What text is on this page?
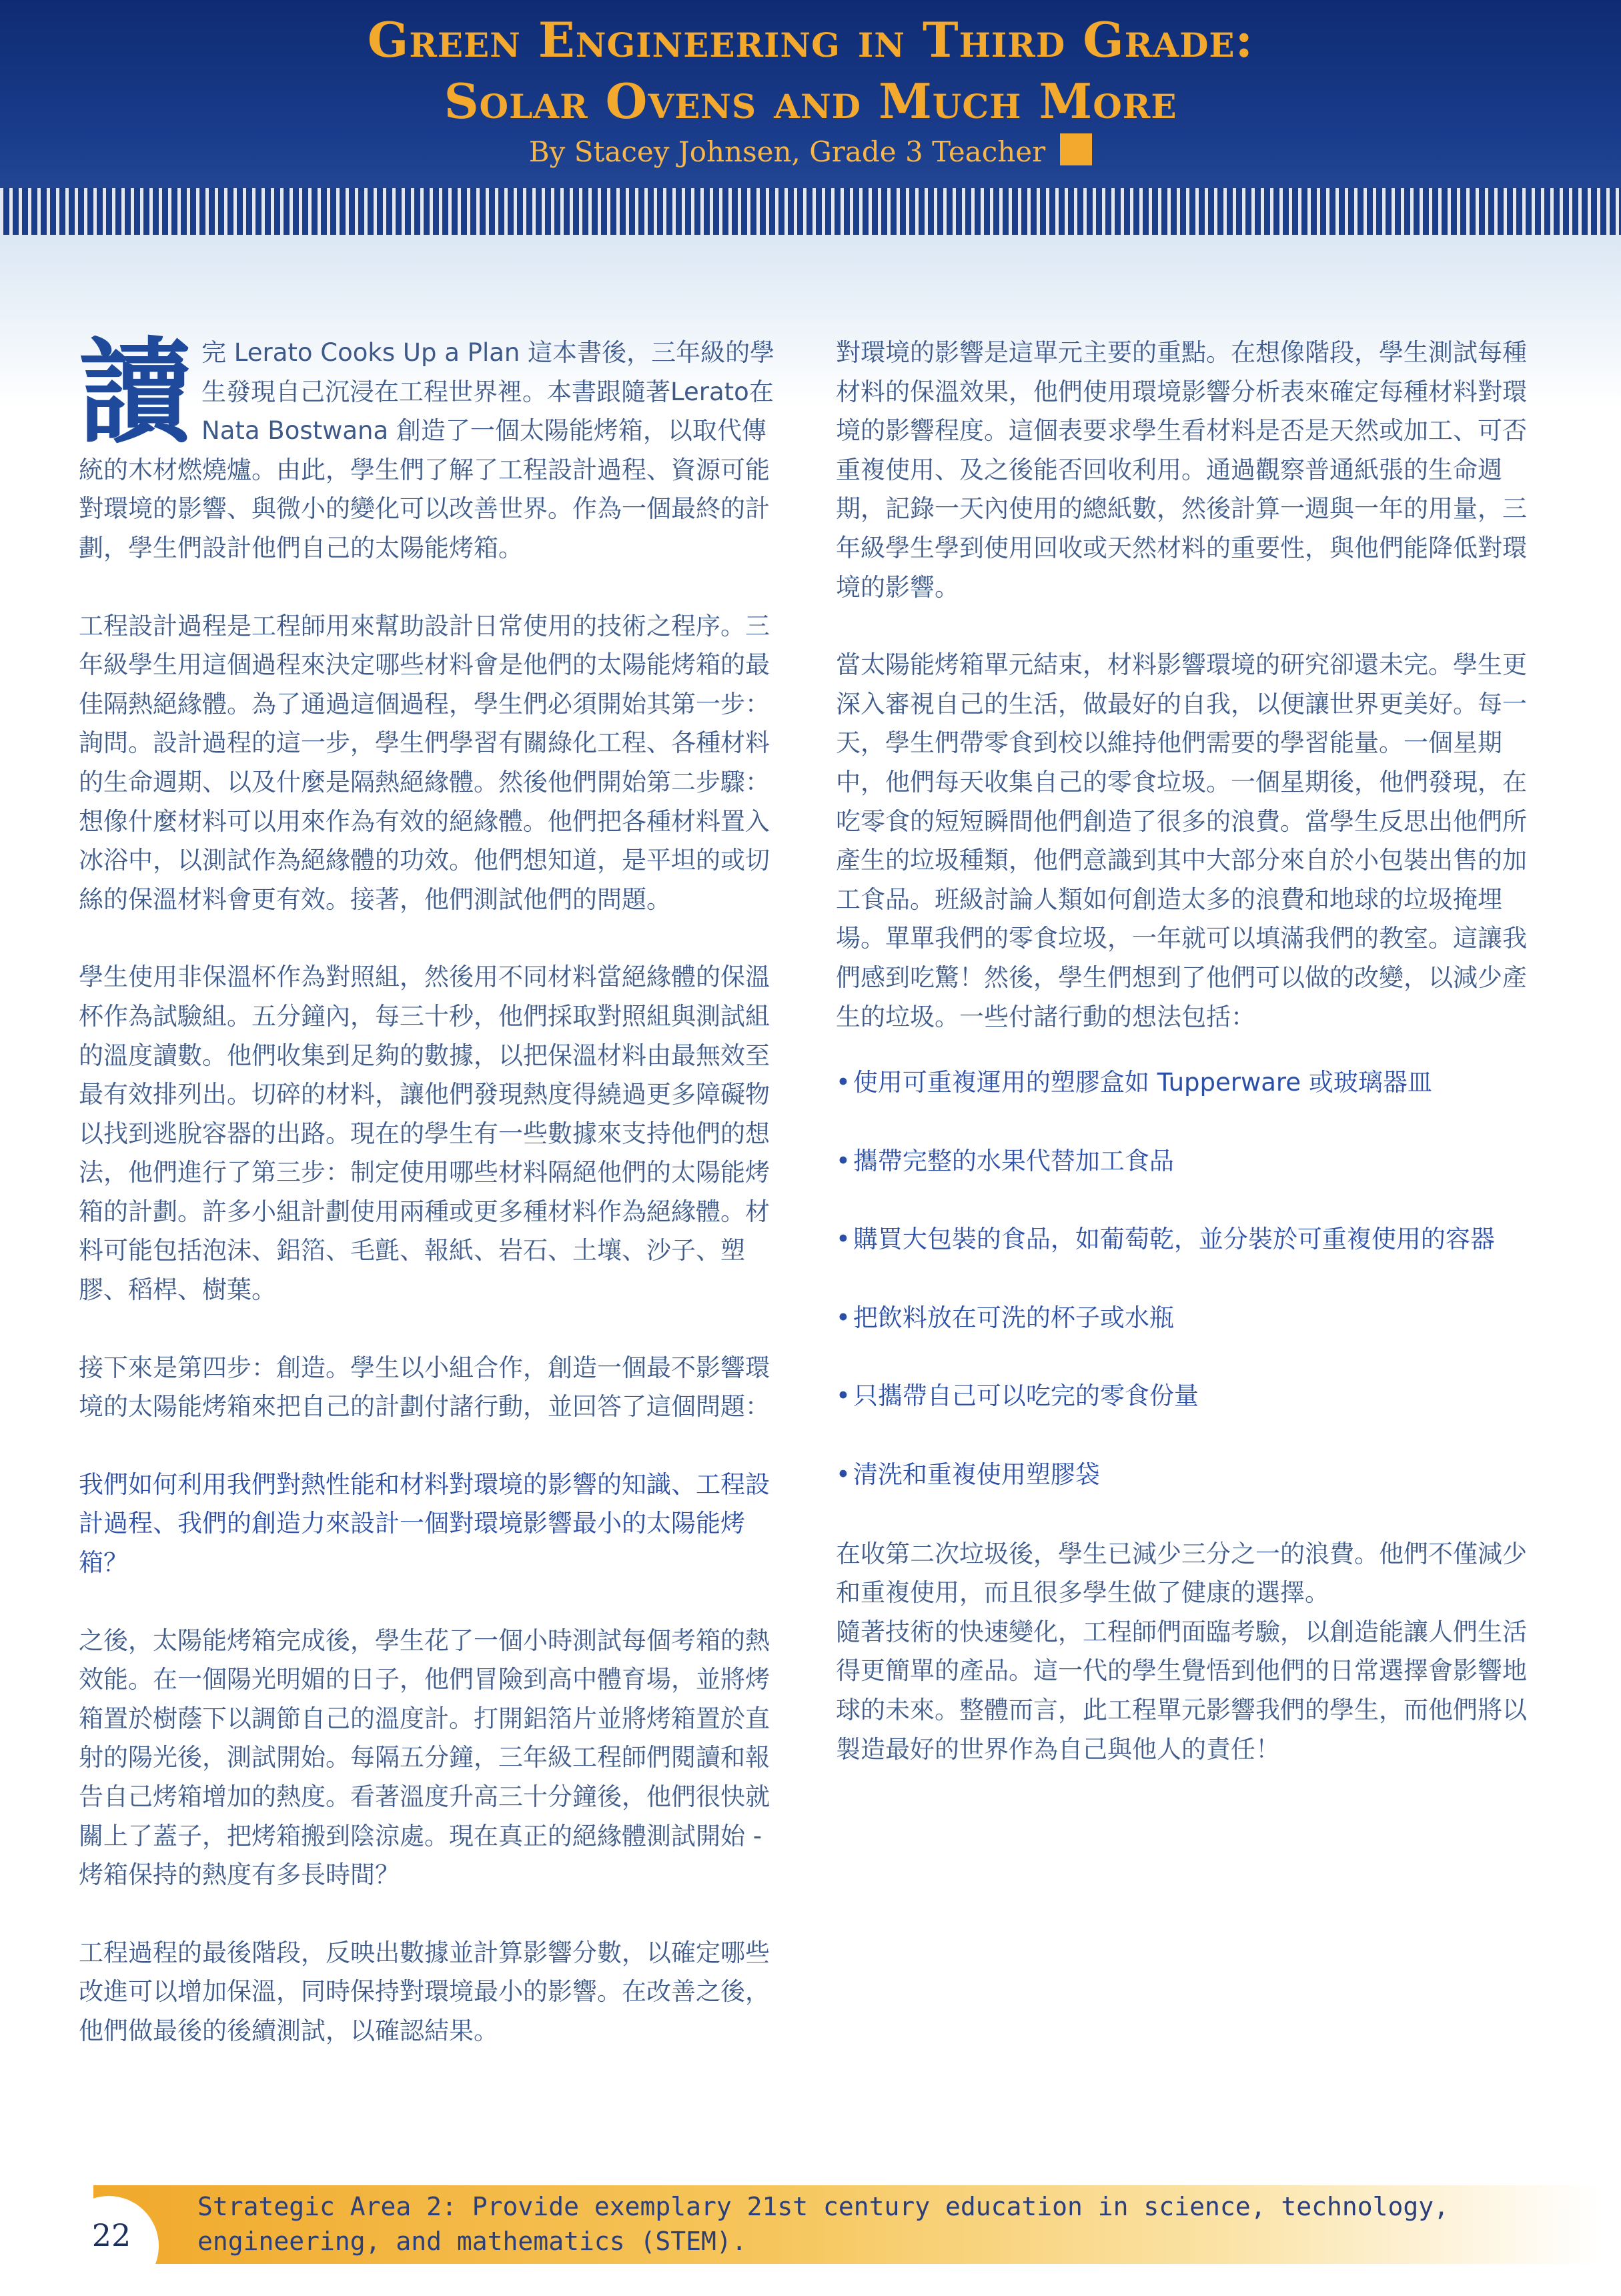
Green Engineering in Third Grade:
Solar Ovens and Much More
By Stacey Johnsen, Grade 3 Teacher

讀完 Lerato Cooks Up a Plan 這本書後，三年級的學生發現自己沉浸在工程世界裡。本書跟隨著Lerato在 Nata Bostwana 創造了一個太陽能烤箱，以取代傳統的木材燃燒爐。由此，學生們了解了工程設計過程、資源可能對環境的影響、與微小的變化可以改善世界。作為一個最終的計劃，學生們設計他們自己的太陽能烤箱。

工程設計過程是工程師用來幫助設計日常使用的技術之程序。三年級學生用這個過程來決定哪些材料會是他們的太陽能烤箱的最佳隔熱絕緣體。為了通過這個過程，學生們必須開始其第一步：詢問。設計過程的這一步，學生們學習有關綠化工程、各種材料的生命週期、以及什麼是隔熱絕緣體。然後他們開始第二步驟：想像什麼材料可以用來作為有效的絕緣體。他們把各種材料置入冰浴中，以測試作為絕緣體的功效。他們想知道，是平坦的或切絲的保溫材料會更有效。接著，他們測試他們的問題。

學生使用非保溫杯作為對照組，然後用不同材料當絕緣體的保溫杯作為試驗組。五分鐘內，每三十秒，他們採取對照組與測試組的溫度讀數。他們收集到足夠的數據，以把保溫材料由最無效至最有效排列出。切碎的材料，讓他們發現熱度得繞過更多障礙物以找到逃脫容器的出路。現在的學生有一些數據來支持他們的想法，他們進行了第三步：制定使用哪些材料隔絕他們的太陽能烤箱的計劃。許多小組計劃使用兩種或更多種材料作為絕緣體。材料可能包括泡沫、鋁箔、毛氈、報紙、岩石、土壤、沙子、塑膠、稻桿、樹葉。

接下來是第四步：創造。學生以小組合作，創造一個最不影響環境的太陽能烤箱來把自己的計劃付諸行動，並回答了這個問題：

我們如何利用我們對熱性能和材料對環境的影響的知識、工程設計過程、我們的創造力來設計一個對環境影響最小的太陽能烤箱？

之後，太陽能烤箱完成後，學生花了一個小時測試每個考箱的熱效能。在一個陽光明媚的日子，他們冒險到高中體育場，並將烤箱置於樹蔭下以調節自己的溫度計。打開鋁箔片並將烤箱置於直射的陽光後，測試開始。每隔五分鐘，三年級工程師們閱讀和報告自己烤箱增加的熱度。看著溫度升高三十分鐘後，他們很快就關上了蓋子，把烤箱搬到陰涼處。現在真正的絕緣體測試開始 - 烤箱保持的熱度有多長時間？

工程過程的最後階段，反映出數據並計算影響分數，以確定哪些改進可以增加保溫，同時保持對環境最小的影響。在改善之後，他們做最後的後續測試，以確認結果。

對環境的影響是這單元主要的重點。在想像階段，學生測試每種材料的保溫效果，他們使用環境影響分析表來確定每種材料對環境的影響程度。這個表要求學生看材料是否是天然或加工、可否重複使用、及之後能否回收利用。通過觀察普通紙張的生命週期，記錄一天內使用的總紙數，然後計算一週與一年的用量，三年級學生學到使用回收或天然材料的重要性，與他們能降低對環境的影響。

當太陽能烤箱單元結束，材料影響環境的研究卻還未完。學生更深入審視自己的生活，做最好的自我，以便讓世界更美好。每一天，學生們帶零食到校以維持他們需要的學習能量。一個星期中，他們每天收集自己的零食垃圾。一個星期後，他們發現，在吃零食的短短瞬間他們創造了很多的浪費。當學生反思出他們所產生的垃圾種類，他們意識到其中大部分來自於小包裝出售的加工食品。班級討論人類如何創造太多的浪費和地球的垃圾掩埋場。單單我們的零食垃圾，一年就可以填滿我們的教室。這讓我們感到吃驚！然後，學生們想到了他們可以做的改變，以減少產生的垃圾。一些付諸行動的想法包括：

• 使用可重複運用的塑膠盒如 Tupperware 或玻璃器皿
• 攜帶完整的水果代替加工食品
• 購買大包裝的食品，如葡萄乾，並分裝於可重複使用的容器
• 把飲料放在可洗的杯子或水瓶
• 只攜帶自己可以吃完的零食份量
• 清洗和重複使用塑膠袋

在收第二次垃圾後，學生已減少三分之一的浪費。他們不僅減少和重複使用，而且很多學生做了健康的選擇。

隨著技術的快速變化，工程師們面臨考驗，以創造能讓人們生活得更簡單的產品。這一代的學生覺悟到他們的日常選擇會影響地球的未來。整體而言，此工程單元影響我們的學生，而他們將以製造最好的世界作為自己與他人的責任！

22
Strategic Area 2: Provide exemplary 21st century education in science, technology,
engineering, and mathematics (STEM).
